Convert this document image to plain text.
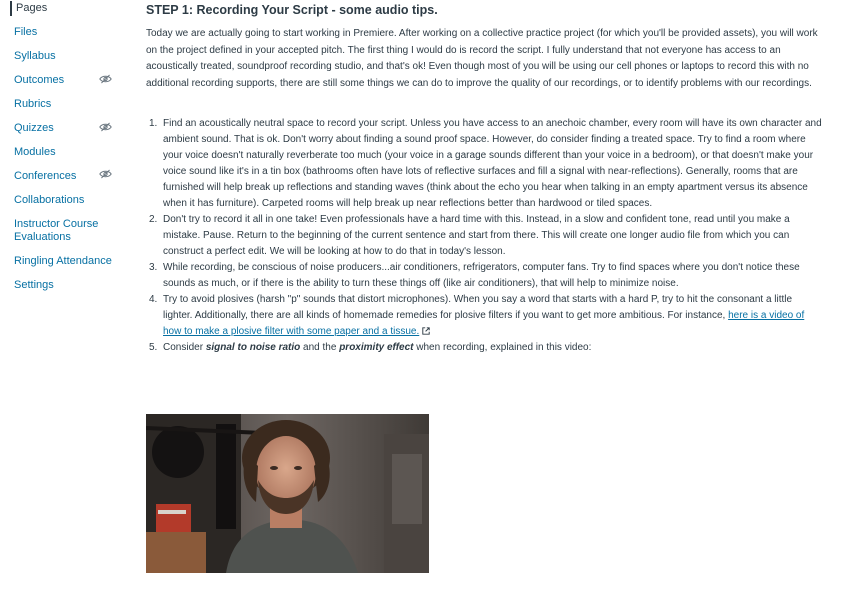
Pages
Files
Syllabus
Outcomes
Rubrics
Quizzes
Modules
Conferences
Collaborations
Instructor Course Evaluations
Ringling Attendance
Settings
STEP 1: Recording Your Script - some audio tips.

Today we are actually going to start working in Premiere. After working on a collective practice project (for which you'll be provided assets), you will work on the project defined in your accepted pitch. The first thing I would do is record the script. I fully understand that not everyone has access to an acoustically treated, soundproof recording studio, and that's ok! Even though most of you will be using our cell phones or laptops to record this with no additional recording supports, there are still some things we can do to improve the quality of our recordings, or to identify problems with our recordings.

1. Find an acoustically neutral space to record your script. Unless you have access to an anechoic chamber, every room will have its own character and ambient sound. That is ok. Don't worry about finding a sound proof space. However, do consider finding a treated space. Try to find a room where your voice doesn't naturally reverberate too much (your voice in a garage sounds different than your voice in a bedroom), or that doesn't make your voice sound like it's in a tin box (bathrooms often have lots of reflective surfaces and fill a signal with near-reflections). Generally, rooms that are furnished will help break up reflections and standing waves (think about the echo you hear when talking in an empty apartment versus its absence when it has furniture). Carpeted rooms will help break up near reflections better than hardwood or tiled spaces.
2. Don't try to record it all in one take! Even professionals have a hard time with this. Instead, in a slow and confident tone, read until you make a mistake. Pause. Return to the beginning of the current sentence and start from there. This will create one longer audio file from which you can construct a perfect edit. We will be looking at how to do that in today's lesson.
3. While recording, be conscious of noise producers...air conditioners, refrigerators, computer fans. Try to find spaces where you don't notice these sounds as much, or if there is the ability to turn these things off (like air conditioners), that will help to minimize noise.
4. Try to avoid plosives (harsh "p" sounds that distort microphones). When you say a word that starts with a hard P, try to hit the consonant a little lighter. Additionally, there are all kinds of homemade remedies for plosive filters if you want to get more ambitious. For instance, here is a video of how to make a plosive filter with some paper and a tissue.
5. Consider signal to noise ratio and the proximity effect when recording, explained in this video:
